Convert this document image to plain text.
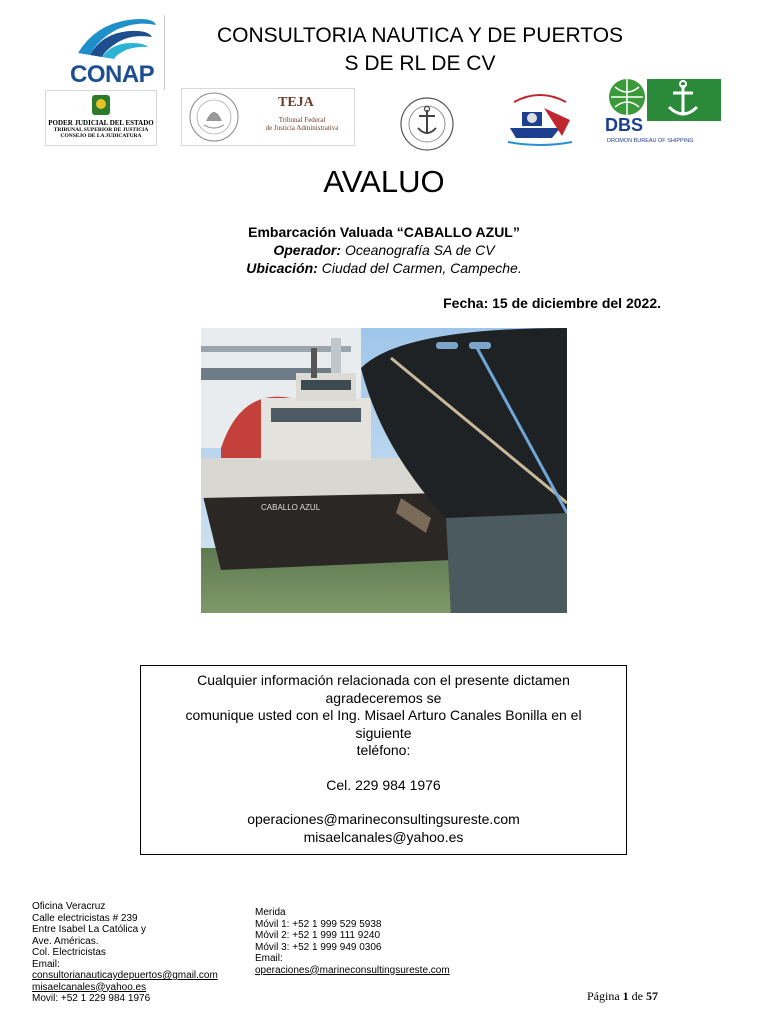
CONAP
CONSULTORIA NAUTICA Y DE PUERTOS
S DE RL DE CV
PODER JUDICIAL DEL ESTADO
TRIBUNAL SUPERIOR DE JUSTICIA
CONSEJO DE LA JUDICATURA
TEJA
Tribunal Federal
de Justicia Administrativa	DBS
DROMON BUREAU OF SHIPPING
AVALUO
Embarcación Valuada “CABALLO AZUL”
Operador: Oceanografía SA de CV
Ubicación: Ciudad del Carmen, Campeche.
Fecha: 15 de diciembre del 2022.
CABALLO AZUL
Cualquier información relacionada con el presente dictamen
agradeceremos se
comunique usted con el Ing. Misael Arturo Canales Bonilla en el
siguiente
teléfono:
Cel. 229 984 1976
operaciones@marineconsultingsureste.com
misaelcanales@yahoo.es
Oficina Veracruz
Calle electricistas # 239
Entre Isabel La Católica y
Ave. Américas.
Col. Electricistas
Email:
consultorianauticaydepuertos@gmail.com
misaelcanales@yahoo.es
Movil: +52 1 229 984 1976
Merida
Móvil 1: +52 1 999 529 5938
Móvil 2: +52 1 999 111 9240
Móvil 3: +52 1 999 949 0306
Email:
operaciones@marineconsultingsureste.com
Página 1 de 57
